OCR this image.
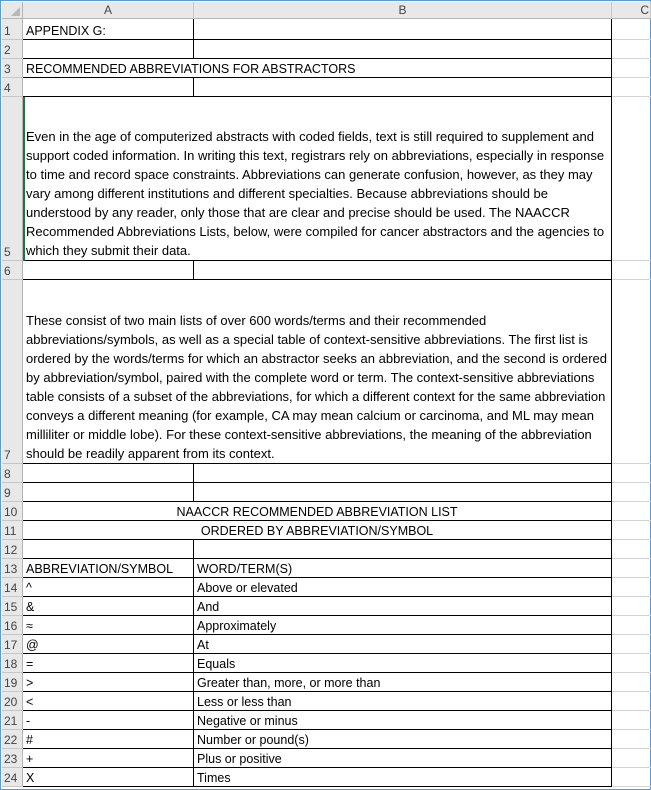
A	B	C
1	APPENDIX G:
2
3	RECOMMENDED ABBREVIATIONS FOR ABSTRACTORS
4
5
Even in the age of computerized abstracts with coded fields, text is still required to supplement and support coded information. In writing this text, registrars rely on abbreviations, especially in response to time and record space constraints. Abbreviations can generate confusion, however, as they may vary among different institutions and different specialties. Because abbreviations should be understood by any reader, only those that are clear and precise should be used. The NAACCR Recommended Abbreviations Lists, below, were compiled for cancer abstractors and the agencies to which they submit their data.
6
7
These consist of two main lists of over 600 words/terms and their recommended abbreviations/symbols, as well as a special table of context-sensitive abbreviations. The first list is ordered by the words/terms for which an abstractor seeks an abbreviation, and the second is ordered by abbreviation/symbol, paired with the complete word or term. The context-sensitive abbreviations table consists of a subset of the abbreviations, for which a different context for the same abbreviation conveys a different meaning (for example, CA may mean calcium or carcinoma, and ML may mean milliliter or middle lobe). For these context-sensitive abbreviations, the meaning of the abbreviation should be readily apparent from its context.
8
9
10	NAACCR RECOMMENDED ABBREVIATION LIST
11	ORDERED BY ABBREVIATION/SYMBOL
12
13 ABBREVIATION/SYMBOL WORD/TERM(S)
14 ^	Above or elevated
15 &	And
16 ≈	Approximately
17 @	At
18 =	Equals
19 >	Greater than, more, or more than
20 <	Less or less than
21 -	Negative or minus
22 #	Number or pound(s)
23 +	Plus or positive
24 X	Times
